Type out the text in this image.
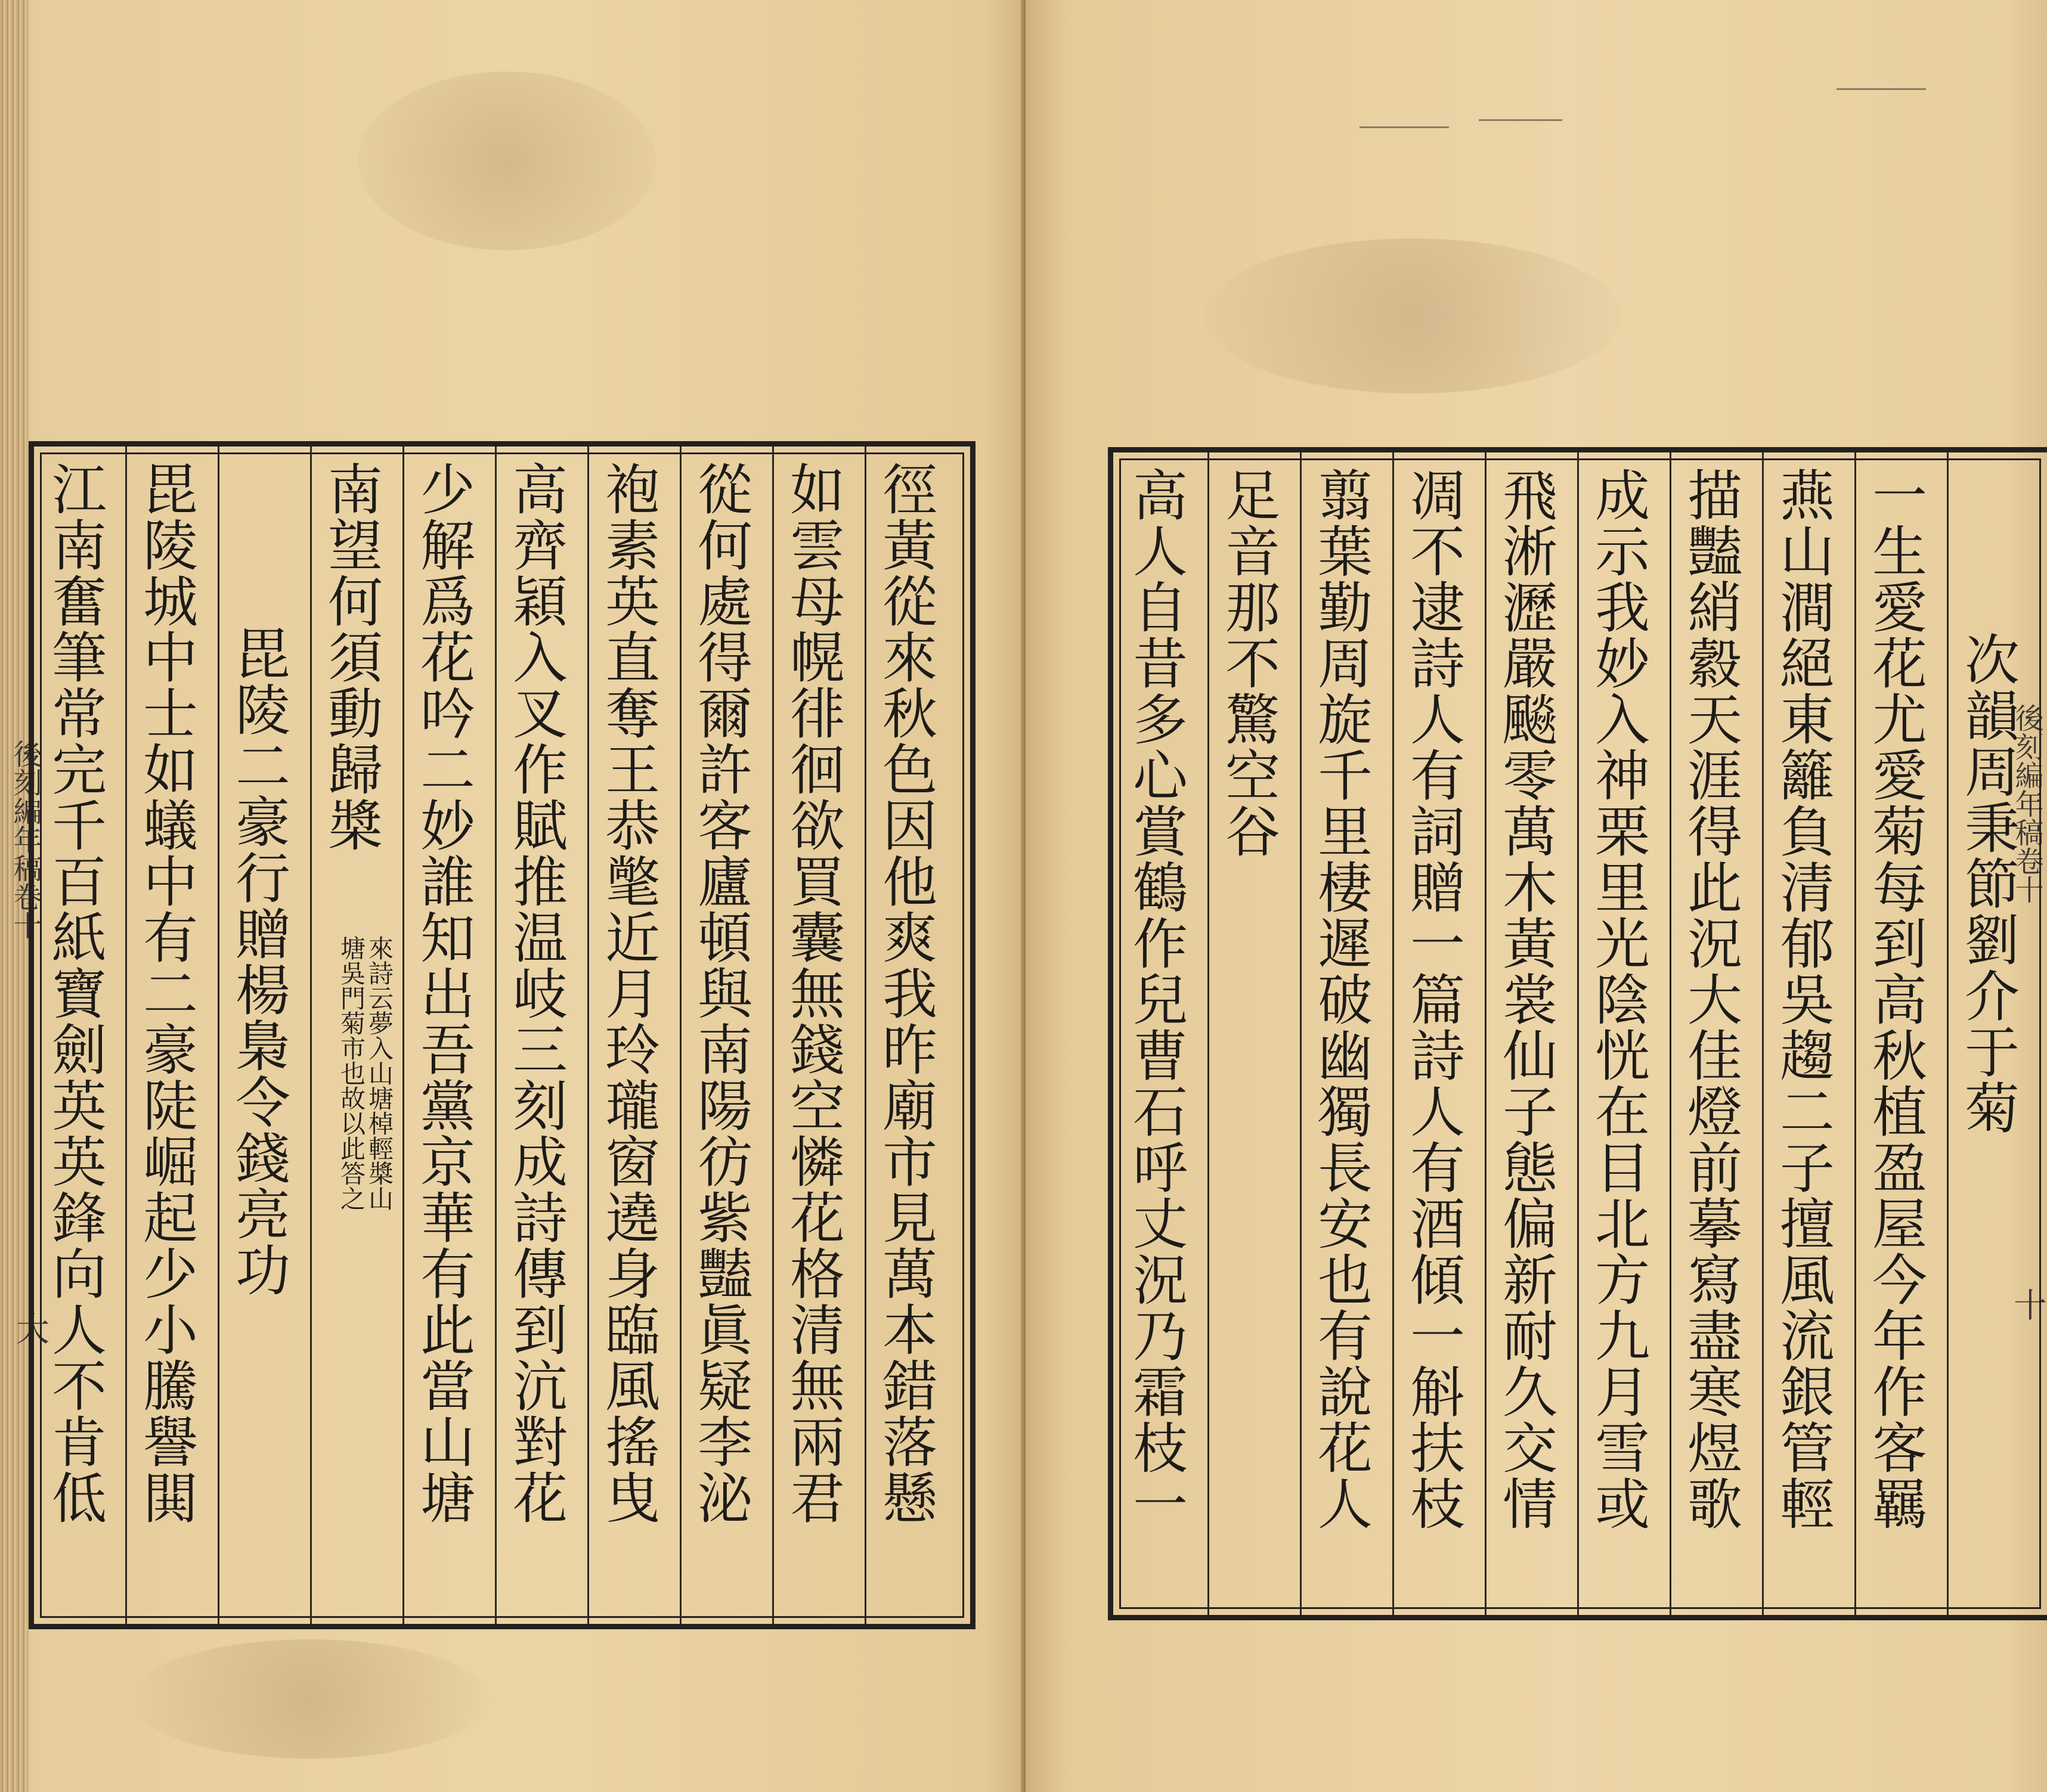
後刻編年稿卷十
大	徑黃從來秋色因他爽我昨廟市見萬本錯落懸
如雲母幌徘徊欲買囊無錢空憐花格清無兩君
從何處得爾許客廬頓與南陽彷紫豔眞疑李泌
袍素英直奪王恭氅近月玲瓏窗遶身臨風搖曳
高齊穎入叉作賦推温岐三刻成詩傳到沆對花
少解爲花吟二妙誰知出吾黨京華有此當山塘
南望何須動歸槳
來詩云夢入山塘棹輕槳山
塘吳門菊市也故以此答之
毘陵二豪行贈楊梟令錢亮功
毘陵城中士如蟻中有二豪陡崛起少小騰譽閧
江南奮筆常完千百紙寶劍英英鋒向人不肯低	後刻編年稿卷十
十
次韻周秉節劉介于菊
一生愛花尤愛菊每到高秋植盈屋今年作客羈
燕山澗絕東籬負清郁吳趨二子擅風流銀管輕
描豔綃縠天涯得此況大佳燈前摹寫盡寒煜歌
成示我妙入神栗里光陰恍在目北方九月雪或
飛淅瀝嚴飈零萬木黃裳仙子態偏新耐久交情
凋不逮詩人有詞贈一篇詩人有酒傾一斛扶枝
翦葉勤周旋千里棲遲破幽獨長安也有說花人
足音那不驚空谷
高人自昔多心賞鶴作兒曹石呼丈況乃霜枝一
